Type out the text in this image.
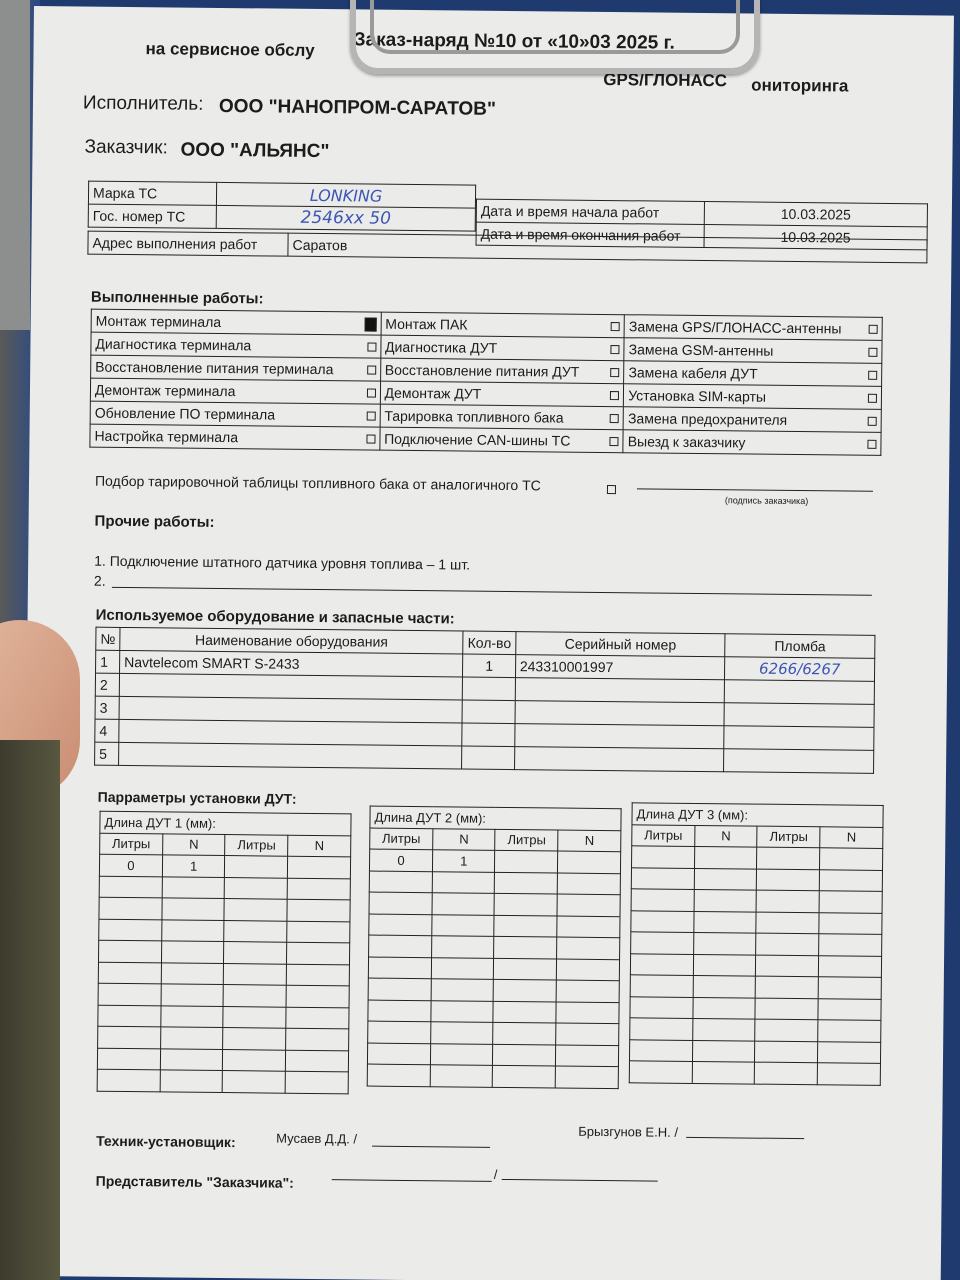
Заказ-наряд №10 от «10»03 2025 г.
на сервисное обслу
GPS/ГЛОНАСС ониторинга
Исполнитель: ООО "НАНОПРОМ-САРАТОВ"
Заказчик: ООО "АЛЬЯНС"
Марка ТС	LONKING
Гос. номер ТС	2546хх 50
Адрес выполнения работ	Саратов
Дата и время начала работ	10.03.2025
Дата и время окончания работ	10.03.2025
Выполненные работы:
Монтаж терминала	Монтаж ПАК	Замена GPS/ГЛОНАСС-антенны

Диагностика терминала	Диагностика ДУТ	Замена GSM-антенны

Восстановление питания терминала	Восстановление питания ДУТ	Замена кабеля ДУТ

Демонтаж терминала	Демонтаж ДУТ	Установка SIM-карты

Обновление ПО терминала	Тарировка топливного бака	Замена предохранителя

Настройка терминала	Подключение CAN-шины ТС	Выезд к заказчику
Подбор тарировочной таблицы топливного бака от аналогичного ТС
(подпись заказчика)
Прочие работы:
1. Подключение штатного датчика уровня топлива – 1 шт.
2.
Используемое оборудование и запасные части:
№	Наименование оборудования	Кол-во	Серийный номер	Пломба
1	Navtelecom SMART S-2433	1	243310001997	6266/6267
2				
3				
4				
5				
Парраметры установки ДУТ:
Длина ДУТ 1 (мм):			
Литры	N	Литры	N
0	1		

Длина ДУТ 2 (мм):			
Литры	N	Литры	N
0	1		

Длина ДУТ 3 (мм):			
Литры	N	Литры	N

Техник-установщик:	Мусаев Д.Д. /	Брызгунов Е.Н. /
Представитель "Заказчика":	/
